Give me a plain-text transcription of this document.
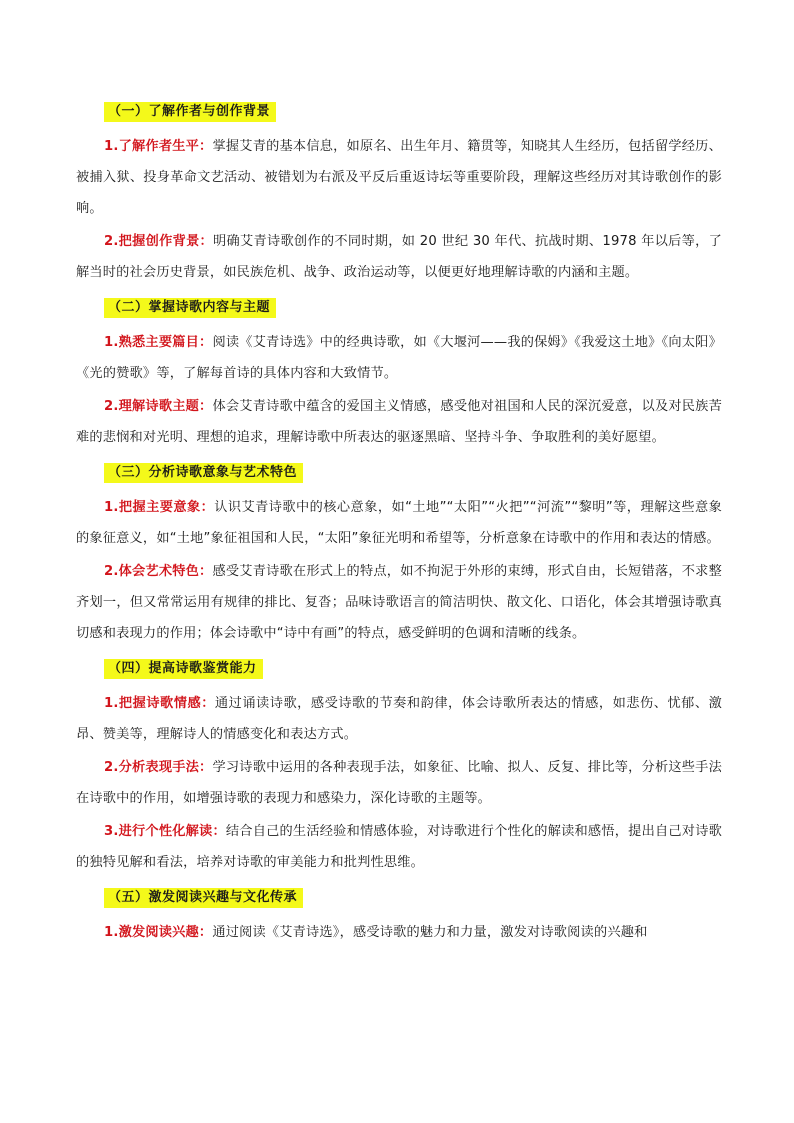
（一）了解作者与创作背景

1.了解作者生平：掌握艾青的基本信息，如原名、出生年月、籍贯等，知晓其人生经历，包括留学经历、被捕入狱、投身革命文艺活动、被错划为右派及平反后重返诗坛等重要阶段，理解这些经历对其诗歌创作的影响。

2.把握创作背景：明确艾青诗歌创作的不同时期，如 20 世纪 30 年代、抗战时期、1978 年以后等，了解当时的社会历史背景，如民族危机、战争、政治运动等，以便更好地理解诗歌的内涵和主题。

（二）掌握诗歌内容与主题

1.熟悉主要篇目：阅读《艾青诗选》中的经典诗歌，如《大堰河——我的保姆》《我爱这土地》《向太阳》《光的赞歌》等，了解每首诗的具体内容和大致情节。

2.理解诗歌主题：体会艾青诗歌中蕴含的爱国主义情感，感受他对祖国和人民的深沉爱意，以及对民族苦难的悲悯和对光明、理想的追求，理解诗歌中所表达的驱逐黑暗、坚持斗争、争取胜利的美好愿望。

（三）分析诗歌意象与艺术特色

1.把握主要意象：认识艾青诗歌中的核心意象，如“土地”“太阳”“火把”“河流”“黎明”等，理解这些意象的象征意义，如“土地”象征祖国和人民，“太阳”象征光明和希望等，分析意象在诗歌中的作用和表达的情感。

2.体会艺术特色：感受艾青诗歌在形式上的特点，如不拘泥于外形的束缚，形式自由，长短错落，不求整齐划一，但又常常运用有规律的排比、复沓；品味诗歌语言的简洁明快、散文化、口语化，体会其增强诗歌真切感和表现力的作用；体会诗歌中“诗中有画”的特点，感受鲜明的色调和清晰的线条。

（四）提高诗歌鉴赏能力

1.把握诗歌情感：通过诵读诗歌，感受诗歌的节奏和韵律，体会诗歌所表达的情感，如悲伤、忧郁、激昂、赞美等，理解诗人的情感变化和表达方式。

2.分析表现手法：学习诗歌中运用的各种表现手法，如象征、比喻、拟人、反复、排比等，分析这些手法在诗歌中的作用，如增强诗歌的表现力和感染力，深化诗歌的主题等。

3.进行个性化解读：结合自己的生活经验和情感体验，对诗歌进行个性化的解读和感悟，提出自己对诗歌的独特见解和看法，培养对诗歌的审美能力和批判性思维。

（五）激发阅读兴趣与文化传承

1.激发阅读兴趣：通过阅读《艾青诗选》，感受诗歌的魅力和力量，激发对诗歌阅读的兴趣和
